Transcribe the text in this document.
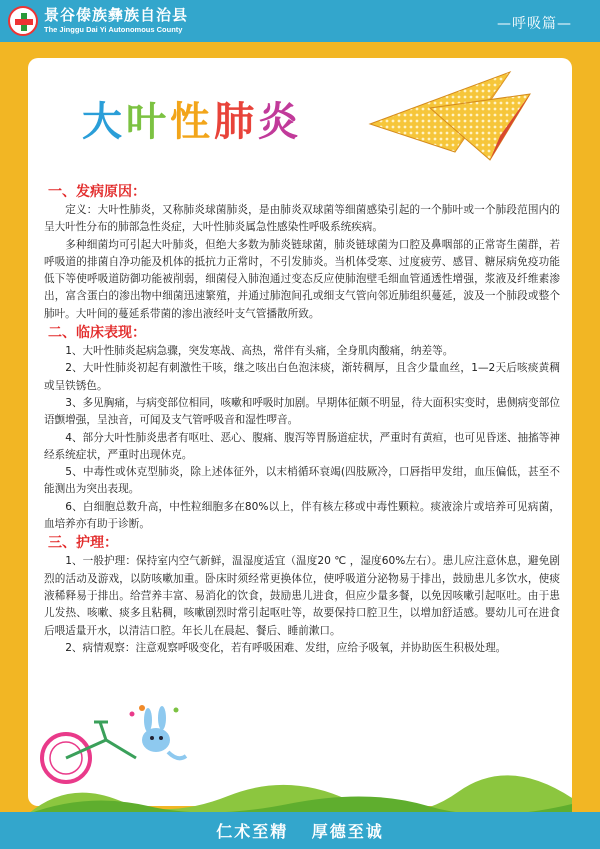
景谷傣族彝族自治县
The Jinggu Dai Yi Autonomous County	—呼吸篇—
大叶性肺炎
一、发病原因：

定义：大叶性肺炎，又称肺炎球菌肺炎，是由肺炎双球菌等细菌感染引起的一个肺叶或一个肺段范围内的呈大叶性分布的肺部急性炎症，大叶性肺炎属急性感染性呼吸系统疾病。

多种细菌均可引起大叶肺炎，但绝大多数为肺炎链球菌，肺炎链球菌为口腔及鼻咽部的正常寄生菌群，若呼吸道的排菌自净功能及机体的抵抗力正常时，不引发肺炎。当机体受寒、过度疲劳、感冒、糖尿病免疫功能低下等使呼吸道防御功能被削弱，细菌侵入肺泡通过变态反应使肺泡壁毛细血管通透性增强，浆液及纤维素渗出，富含蛋白的渗出物中细菌迅速繁殖，并通过肺泡间孔或细支气管向邻近肺组织蔓延，波及一个肺段或整个肺叶。大叶间的蔓延系带菌的渗出液经叶支气管播散所致。

二、临床表现：

1、大叶性肺炎起病急骤，突发寒战、高热，常伴有头痛，全身肌肉酸痛，纳差等。

2、大叶性肺炎初起有刺激性干咳，继之咳出白色泡沫痰，渐转稠厚，且含少量血丝，1—2天后咳痰黄稠或呈铁锈色。

3、多见胸痛，与病变部位相同，咳嗽和呼吸时加剧。早期体征颇不明显，待大面积实变时，患侧病变部位语颤增强，呈浊音，可闻及支气管呼吸音和湿性啰音。

4、部分大叶性肺炎患者有呕吐、恶心、腹痛、腹泻等胃肠道症状，严重时有黄疸，也可见昏迷、抽搐等神经系统症状，严重时出现休克。

5、中毒性或休克型肺炎，除上述体征外，以末梢循环衰竭(四肢厥冷，口唇指甲发绀，血压偏低，甚至不能测出为突出表现。

6、白细胞总数升高，中性粒细胞多在80%以上，伴有核左移或中毒性颗粒。痰液涂片或培养可见病菌，血培养亦有助于诊断。

三、护理：

1、一般护理：保持室内空气新鲜，温湿度适宜（温度20 ℃ ，湿度60%左右）。患儿应注意休息，避免剧烈的活动及游戏，以防咳嗽加重。卧床时须经常更换体位，使呼吸道分泌物易于排出，鼓励患儿多饮水，使痰液稀释易于排出。给营养丰富、易消化的饮食，鼓励患儿进食，但应少量多餐，以免因咳嗽引起呕吐。由于患儿发热、咳嗽、痰多且粘稠，咳嗽剧烈时常引起呕吐等，故要保持口腔卫生，以增加舒适感。婴幼儿可在进食后喂适量开水，以清洁口腔。年长儿在晨起、餐后、睡前漱口。

2、病情观察：注意观察呼吸变化，若有呼吸困难、发绀，应给予吸氧，并协助医生积极处理。

仁术至精 厚德至诚
